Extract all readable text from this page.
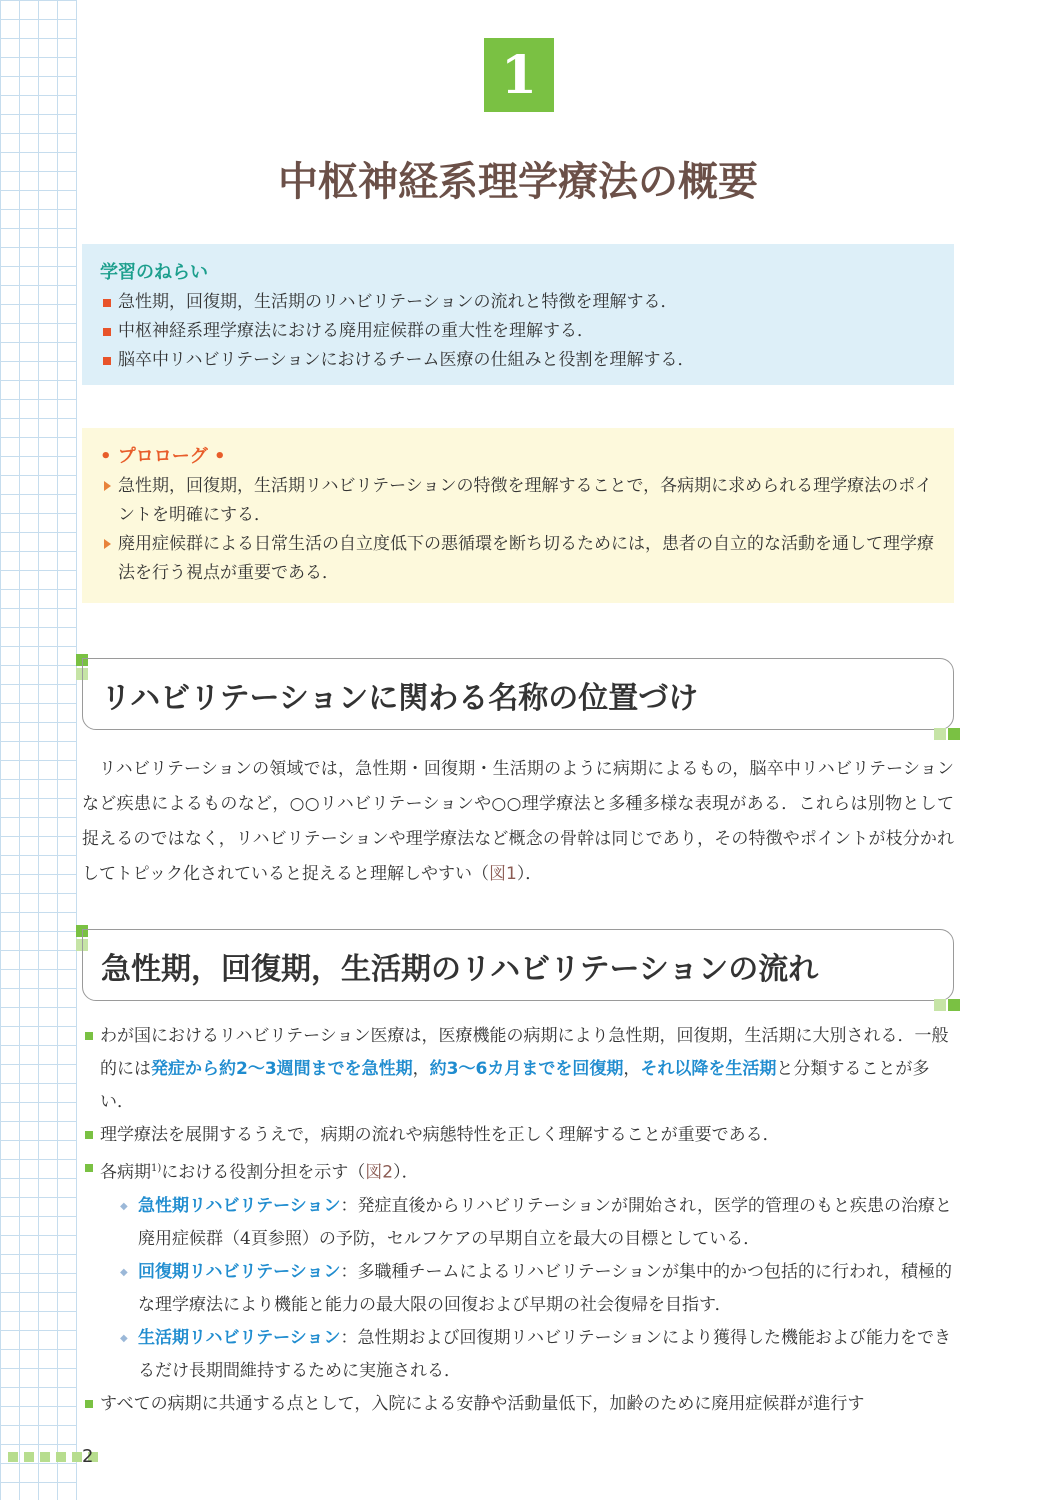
1
中枢神経系理学療法の概要
学習のねらい
急性期，回復期，生活期のリハビリテーションの流れと特徴を理解する．
中枢神経系理学療法における廃用症候群の重大性を理解する．
脳卒中リハビリテーションにおけるチーム医療の仕組みと役割を理解する．
• プロローグ •
急性期，回復期，生活期リハビリテーションの特徴を理解することで，各病期に求められる理学療法のポイントを明確にする．
廃用症候群による日常生活の自立度低下の悪循環を断ち切るためには，患者の自立的な活動を通して理学療法を行う視点が重要である．
リハビリテーションに関わる名称の位置づけ

リハビリテーションの領域では，急性期・回復期・生活期のように病期によるもの，脳卒中リハビリテーションなど疾患によるものなど，○○リハビリテーションや○○理学療法と多種多様な表現がある．これらは別物として捉えるのではなく，リハビリテーションや理学療法など概念の骨幹は同じであり，その特徴やポイントが枝分かれしてトピック化されていると捉えると理解しやすい（図1）．

急性期，回復期，生活期のリハビリテーションの流れ
わが国におけるリハビリテーション医療は，医療機能の病期により急性期，回復期，生活期に大別される．一般的には発症から約2〜3週間までを急性期，約3〜6カ月までを回復期，それ以降を生活期と分類することが多い．
理学療法を展開するうえで，病期の流れや病態特性を正しく理解することが重要である．
各病期$^{1)}$における役割分担を示す（図2）．
◆ 急性期リハビリテーション：発症直後からリハビリテーションが開始され，医学的管理のもと疾患の治療と廃用症候群（4頁参照）の予防，セルフケアの早期自立を最大の目標としている．
◆ 回復期リハビリテーション：多職種チームによるリハビリテーションが集中的かつ包括的に行われ，積極的な理学療法により機能と能力の最大限の回復および早期の社会復帰を目指す．
◆ 生活期リハビリテーション：急性期および回復期リハビリテーションにより獲得した機能および能力をできるだけ長期間維持するために実施される．
すべての病期に共通する点として，入院による安静や活動量低下，加齢のために廃用症候群が進行す
2
